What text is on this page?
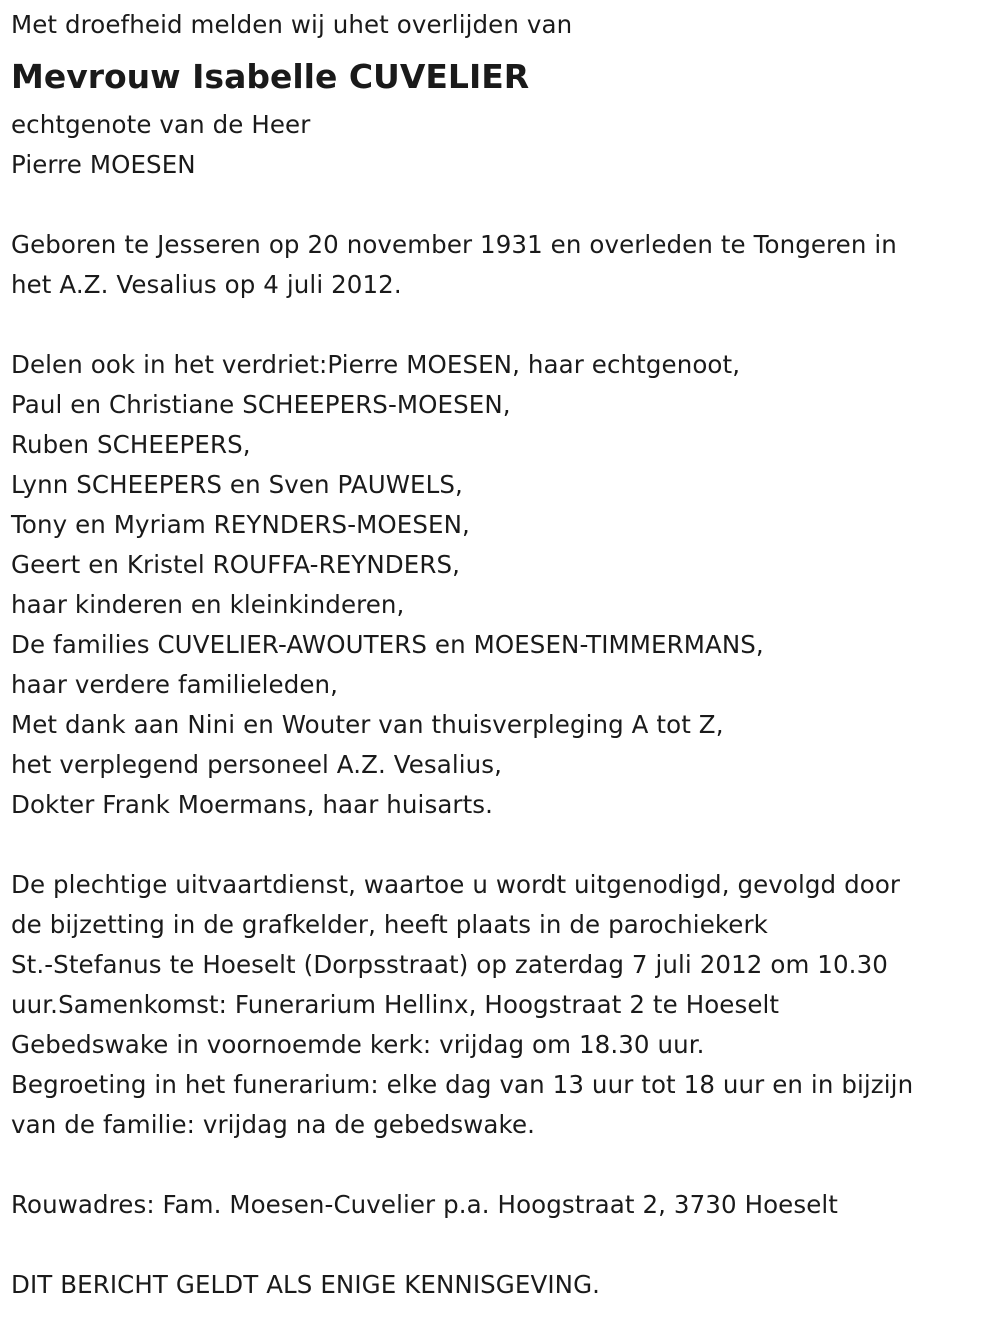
Met droefheid melden wij uhet overlijden van

Mevrouw Isabelle CUVELIER

echtgenote van de Heer

Pierre MOESEN

Geboren te Jesseren op 20 november 1931 en overleden te Tongeren in

het A.Z. Vesalius op 4 juli 2012.

Delen ook in het verdriet:Pierre MOESEN, haar echtgenoot,

Paul en Christiane SCHEEPERS-MOESEN,

Ruben SCHEEPERS,

Lynn SCHEEPERS en Sven PAUWELS,

Tony en Myriam REYNDERS-MOESEN,

Geert en Kristel ROUFFA-REYNDERS,

haar kinderen en kleinkinderen,

De families CUVELIER-AWOUTERS en MOESEN-TIMMERMANS,

haar verdere familieleden,

Met dank aan Nini en Wouter van thuisverpleging A tot Z,

het verplegend personeel A.Z. Vesalius,

Dokter Frank Moermans, haar huisarts.

De plechtige uitvaartdienst, waartoe u wordt uitgenodigd, gevolgd door

de bijzetting in de grafkelder, heeft plaats in de parochiekerk

St.-Stefanus te Hoeselt (Dorpsstraat) op zaterdag 7 juli 2012 om 10.30

uur.Samenkomst: Funerarium Hellinx, Hoogstraat 2 te Hoeselt

Gebedswake in voornoemde kerk: vrijdag om 18.30 uur.

Begroeting in het funerarium: elke dag van 13 uur tot 18 uur en in bijzijn

van de familie: vrijdag na de gebedswake.

Rouwadres: Fam. Moesen-Cuvelier p.a. Hoogstraat 2, 3730 Hoeselt

DIT BERICHT GELDT ALS ENIGE KENNISGEVING.
